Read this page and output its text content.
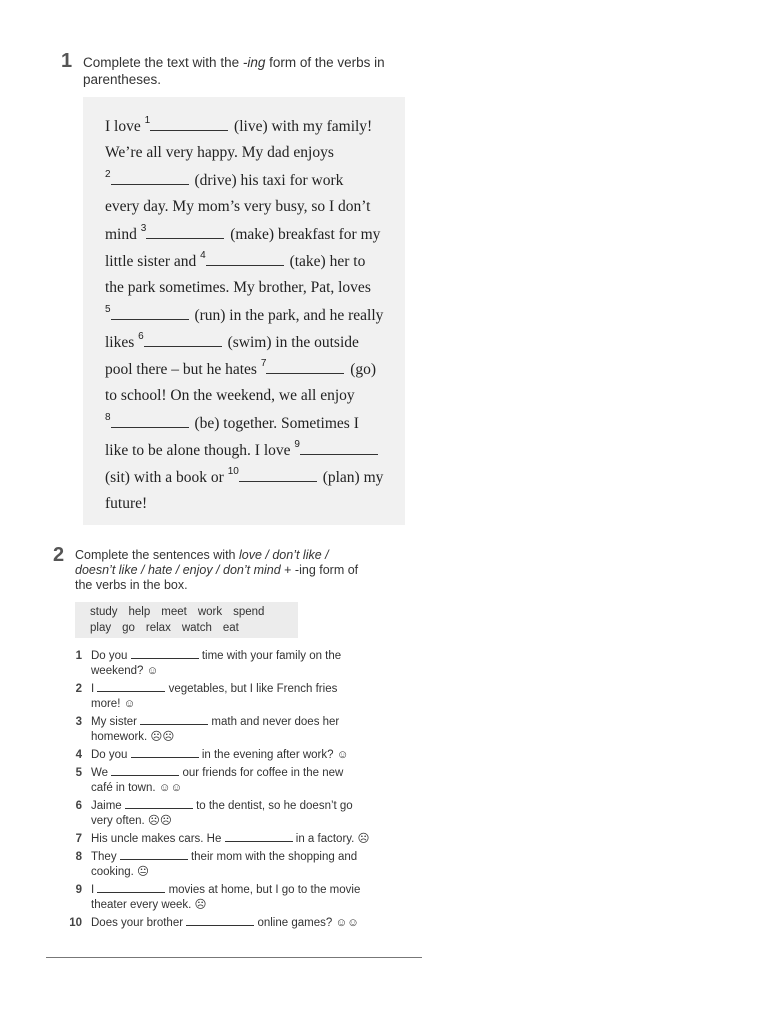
1 Complete the text with the -ing form of the verbs in
parentheses.
I love $^1$	(live) with my family!
We’re all very happy. My dad enjoys
$^2$	(drive) his taxi for work
every day. My mom’s very busy, so I don’t
mind $^3$	(make) breakfast for my
little sister and $^4$	(take) her to
the park sometimes. My brother, Pat, loves
$^5$	(run) in the park, and he really
likes $^6$	(swim) in the outside
pool there – but he hates $^7$	(go)
to school! On the weekend, we all enjoy
$^8$	(be) together. Sometimes I
like to be alone though. I love $^9$
(sit) with a book or $^{10}$	(plan) my
future!
2 Complete the sentences with love / don’t like /
doesn’t like / hate / enjoy / don’t mind + -ing form of
the verbs in the box.
study help meet work spend
play go relax watch eat
1 Do you	time with your family on the
weekend? ☺
2 I	vegetables, but I like French fries
more! ☺
3 My sister	math and never does her
homework. ☹☹
4 Do you	in the evening after work? ☺
5 We	our friends for coffee in the new
café in town. ☺☺
6 Jaime	to the dentist, so he doesn’t go
very often. ☹☹
7 His uncle makes cars. He	in a factory. ☹
8 They	their mom with the shopping and
cooking. 😐
9 I	movies at home, but I go to the movie
theater every week. ☹
10 Does your brother	online games? ☺☺
